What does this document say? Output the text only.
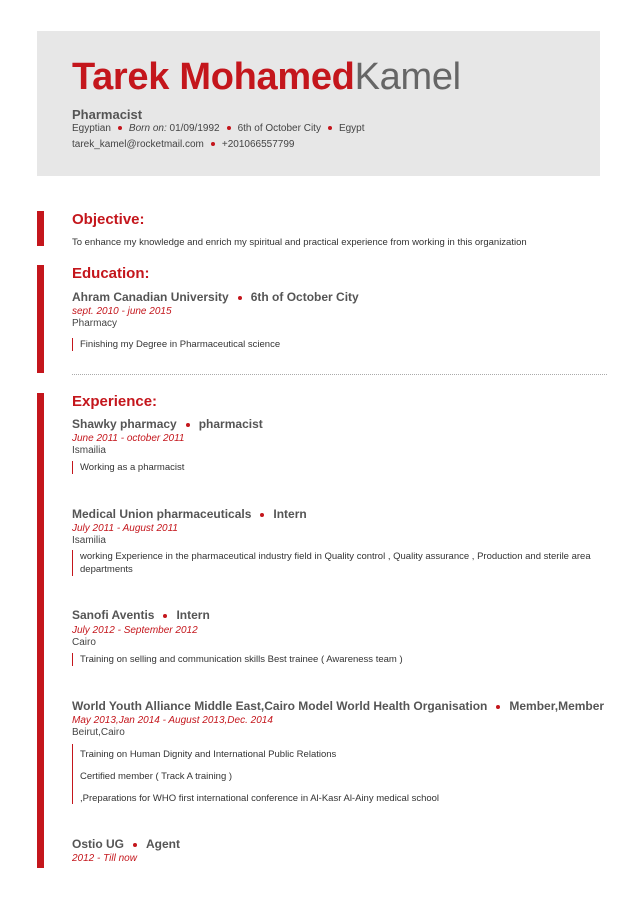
Tarek MohamedKamel
Pharmacist
Egyptian Born on: 01/09/1992 6th of October City Egypt
tarek_kamel@rocketmail.com +201066557799
Objective:
To enhance my knowledge and enrich my spiritual and practical experience from working in this organization
Education:
Ahram Canadian University 6th of October City
sept. 2010 - june 2015
Pharmacy
Finishing my Degree in Pharmaceutical science
Experience:
Shawky pharmacy pharmacist
June 2011 - october 2011
Ismailia
Working as a pharmacist
Medical Union pharmaceuticals Intern
July 2011 - August 2011
Isamilia
working Experience in the pharmaceutical industry field in Quality control , Quality assurance , Production and sterile area departments
Sanofi Aventis Intern
July 2012 - September 2012
Cairo
Training on selling and communication skills Best trainee ( Awareness team )
World Youth Alliance Middle East,Cairo Model World Health Organisation Member,Member
May 2013,Jan 2014 - August 2013,Dec. 2014
Beirut,Cairo
Training on Human Dignity and International Public Relations
Certified member ( Track A training )
,Preparations for WHO first international conference in Al-Kasr Al-Ainy medical school
Ostio UG Agent
2012 - Till now
